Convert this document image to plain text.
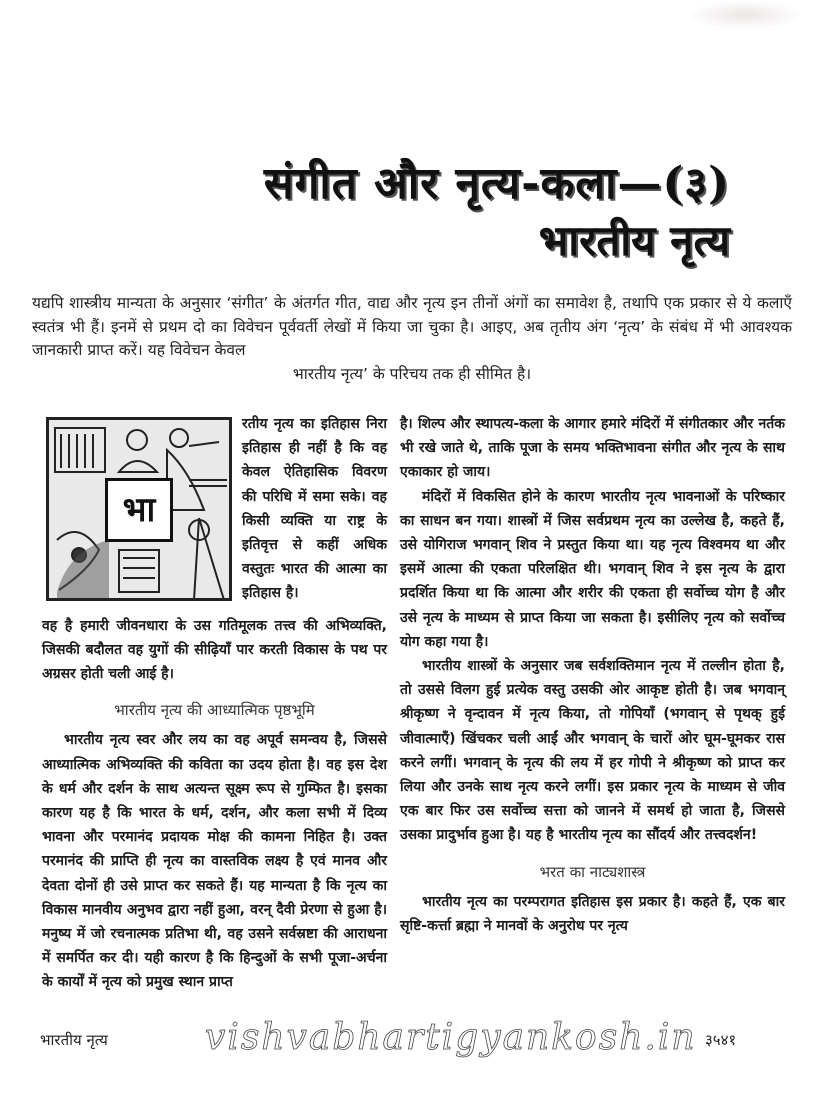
संगीत और नृत्य-कला—(३)
भारतीय नृत्य
यद्यपि शास्त्रीय मान्यता के अनुसार ‘संगीत’ के अंतर्गत गीत, वाद्य और नृत्य इन तीनों अंगों का समावेश है, तथापि एक प्रकार से ये कलाएँ स्वतंत्र भी हैं। इनमें से प्रथम दो का विवेचन पूर्ववर्ती लेखों में किया जा चुका है। आइए, अब तृतीय अंग ‘नृत्य’ के संबंध में भी आवश्यक जानकारी प्राप्त करें। यह विवेचन केवल
भारतीय नृत्य’ के परिचय तक ही सीमित है।
भा

रतीय नृत्य का इतिहास निरा इतिहास ही नहीं है कि वह केवल ऐतिहासिक विवरण की परिधि में समा सके। वह किसी व्यक्ति या राष्ट्र के इतिवृत्त से कहीं अधिक वस्तुतः भारत की आत्मा का इतिहास है।

वह है हमारी जीवनधारा के उस गतिमूलक तत्त्व की अभिव्यक्ति, जिसकी बदौलत वह युगों की सीढ़ियाँ पार करती विकास के पथ पर अग्रसर होती चली आई है।

भारतीय नृत्य की आध्यात्मिक पृष्ठभूमि

भारतीय नृत्य स्वर और लय का वह अपूर्व समन्वय है, जिससे आध्यात्मिक अभिव्यक्ति की कविता का उदय होता है। वह इस देश के धर्म और दर्शन के साथ अत्यन्त सूक्ष्म रूप से गुम्फित है। इसका कारण यह है कि भारत के धर्म, दर्शन, और कला सभी में दिव्य भावना और परमानंद प्रदायक मोक्ष की कामना निहित है। उक्त परमानंद की प्राप्ति ही नृत्य का वास्तविक लक्ष्य है एवं मानव और देवता दोनों ही उसे प्राप्त कर सकते हैं। यह मान्यता है कि नृत्य का विकास मानवीय अनुभव द्वारा नहीं हुआ, वरन् दैवी प्रेरणा से हुआ है। मनुष्य में जो रचनात्मक प्रतिभा थी, वह उसने सर्वस्रष्टा की आराधना में समर्पित कर दी। यही कारण है कि हिन्दुओं के सभी पूजा-अर्चना के कार्यों में नृत्य को प्रमुख स्थान प्राप्त

है। शिल्प और स्थापत्य-कला के आगार हमारे मंदिरों में संगीतकार और नर्तक भी रखे जाते थे, ताकि पूजा के समय भक्तिभावना संगीत और नृत्य के साथ एकाकार हो जाय।

मंदिरों में विकसित होने के कारण भारतीय नृत्य भावनाओं के परिष्कार का साधन बन गया। शास्त्रों में जिस सर्वप्रथम नृत्य का उल्लेख है, कहते हैं, उसे योगिराज भगवान् शिव ने प्रस्तुत किया था। यह नृत्य विश्वमय था और इसमें आत्मा की एकता परिलक्षित थी। भगवान् शिव ने इस नृत्य के द्वारा प्रदर्शित किया था कि आत्मा और शरीर की एकता ही सर्वोच्च योग है और उसे नृत्य के माध्यम से प्राप्त किया जा सकता है। इसीलिए नृत्य को सर्वोच्च योग कहा गया है।

भारतीय शास्त्रों के अनुसार जब सर्वशक्तिमान नृत्य में तल्लीन होता है, तो उससे विलग हुई प्रत्येक वस्तु उसकी ओर आकृष्ट होती है। जब भगवान् श्रीकृष्ण ने वृन्दावन में नृत्य किया, तो गोपियाँ (भगवान् से पृथक् हुई जीवात्माएँ) खिंचकर चली आईं और भगवान् के चारों ओर घूम-घूमकर रास करने लगीं। भगवान् के नृत्य की लय में हर गोपी ने श्रीकृष्ण को प्राप्त कर लिया और उनके साथ नृत्य करने लगीं। इस प्रकार नृत्य के माध्यम से जीव एक बार फिर उस सर्वोच्च सत्ता को जानने में समर्थ हो जाता है, जिससे उसका प्रादुर्भाव हुआ है। यह है भारतीय नृत्य का सौंदर्य और तत्त्वदर्शन!

भरत का नाट्यशास्त्र

भारतीय नृत्य का परम्परागत इतिहास इस प्रकार है। कहते हैं, एक बार सृष्टि-कर्त्ता ब्रह्मा ने मानवों के अनुरोध पर नृत्य

भारतीय नृत्य	vishvabhartigyankosh.in ३५४१
